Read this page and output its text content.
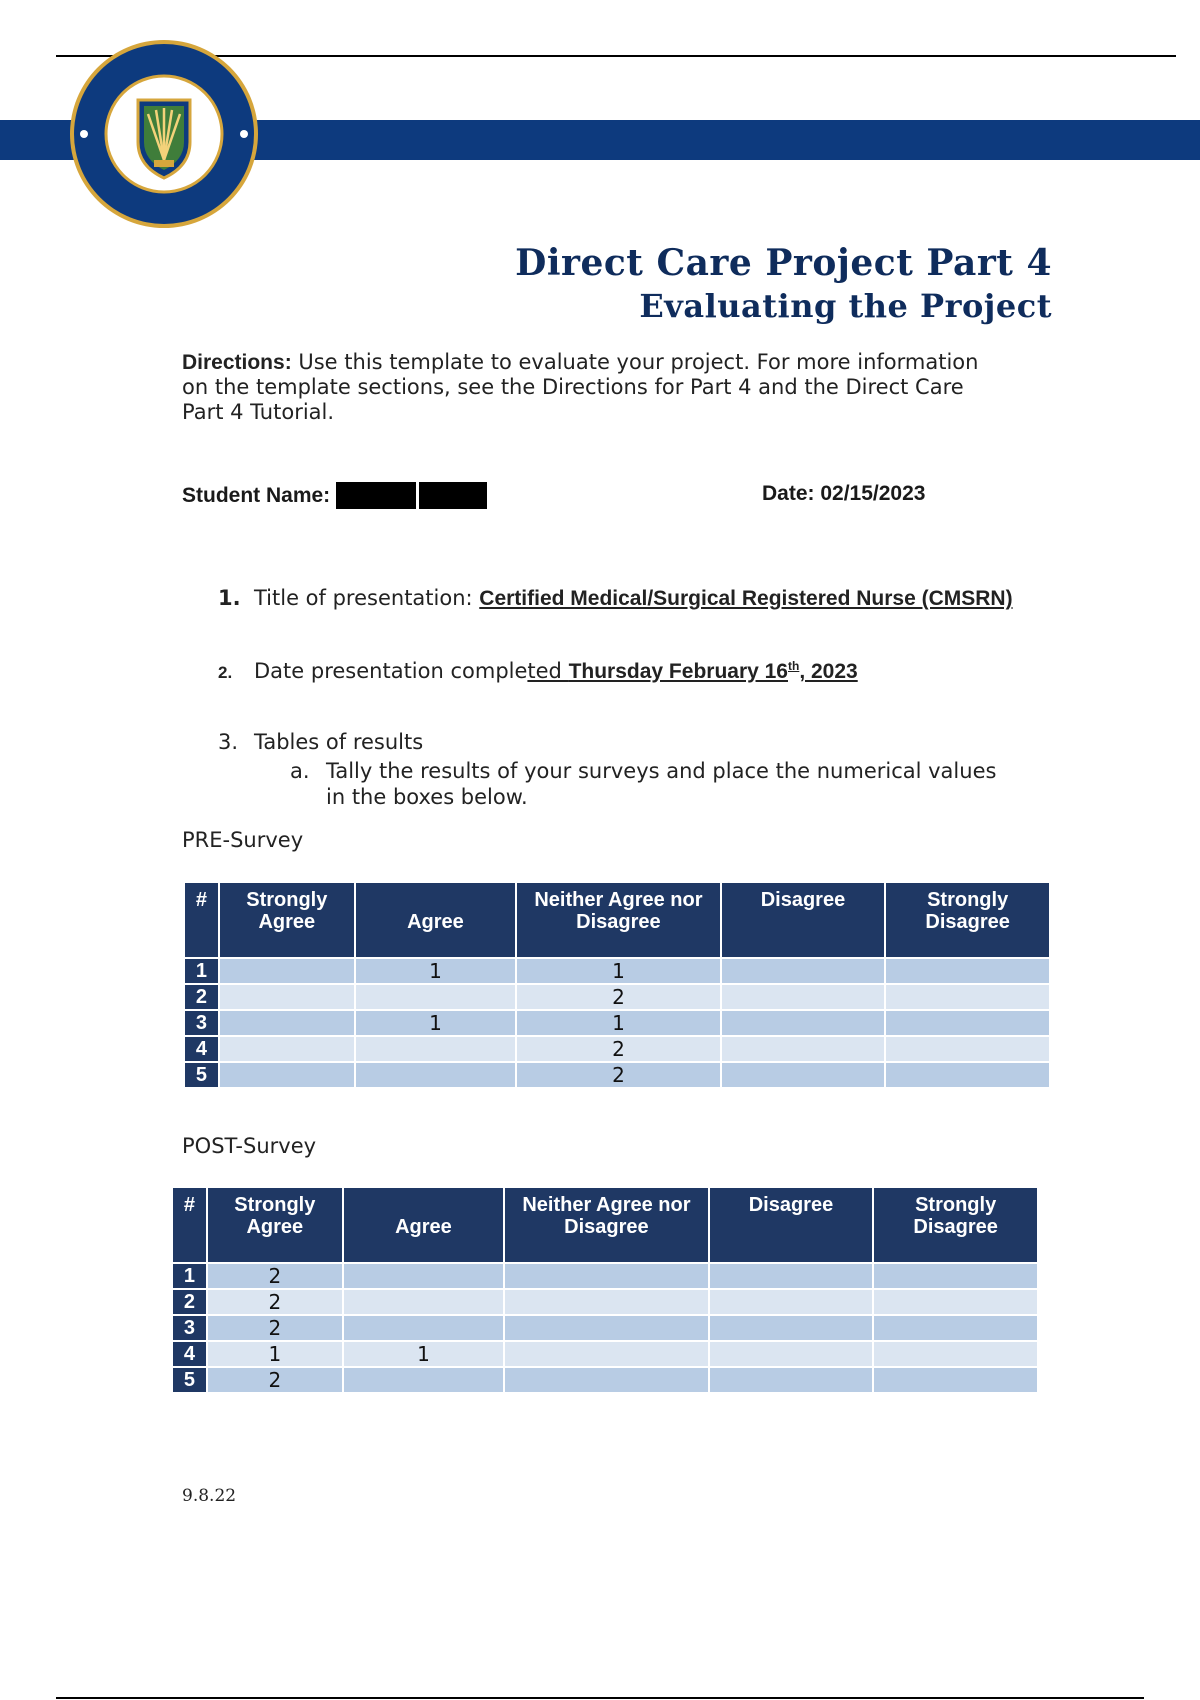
Direct Care Project Part 4
Evaluating the Project
Directions: Use this template to evaluate your project. For more information on the template sections, see the Directions for Part 4 and the Direct Care Part 4 Tutorial.
Student Name:	Date: 02/15/2023
1. Title of presentation: Certified Medical/Surgical Registered Nurse (CMSRN)
2. Date presentation completed Thursday February 16th, 2023
3. Tables of results
a. Tally the results of your surveys and place the numerical values in the boxes below.
PRE-Survey
#	Strongly Agree	Agree	Neither Agree nor Disagree	Disagree	Strongly Disagree
1		1	1		
2			2		
3		1	1		
4			2		
5			2		
POST-Survey
#	Strongly Agree	Agree	Neither Agree nor Disagree	Disagree	Strongly Disagree
1	2				
2	2				
3	2				
4	1	1			
5	2				
9.8.22
